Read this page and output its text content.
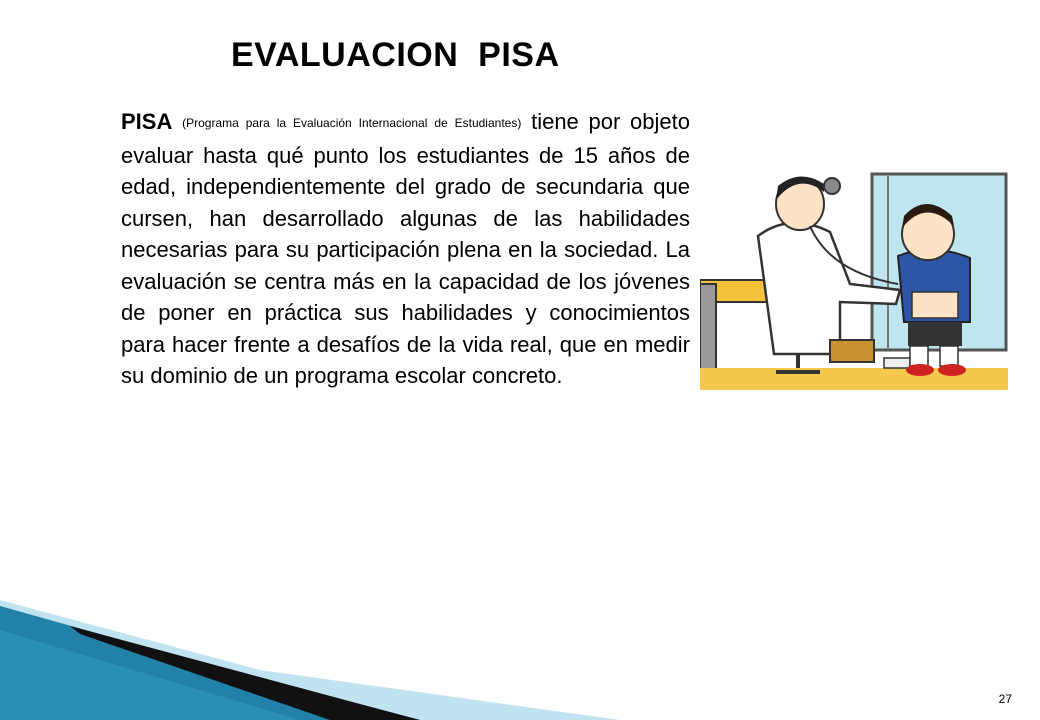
EVALUACION  PISA
PISA (Programa para la Evaluación Internacional de Estudiantes) tiene por objeto evaluar hasta qué punto los estudiantes de 15 años de edad, independientemente del grado de secundaria que cursen, han desarrollado algunas de las habilidades necesarias para su participación plena en la sociedad. La evaluación se centra más en la capacidad de los jóvenes de poner en práctica sus habilidades y conocimientos para hacer frente a desafíos de la vida real, que en medir su dominio de un programa escolar concreto.
27
